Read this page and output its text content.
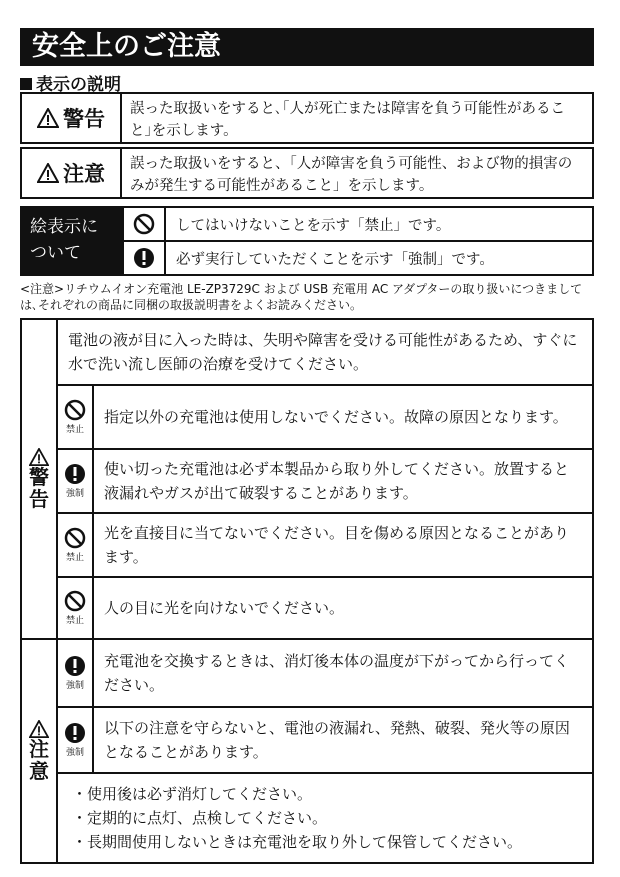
安全上のご注意
表示の説明
警告	誤った取扱いをすると､｢人が死亡または障害を負う可能性があること｣を示します。
注意	誤った取扱いをすると、「人が障害を負う可能性、および物的損害のみが発生する可能性があること」を示します。
絵表示に
ついて
してはいけないことを示す「禁止」です。
必ず実行していただくことを示す「強制」です。
<注意>リチウムイオン充電池 LE-ZP3729C および USB 充電用 AC アダプターの取り扱いにつきましては､それぞれの商品に同梱の取扱説明書をよくお読みください。
警
告
電池の液が目に入った時は、失明や障害を受ける可能性があるため、すぐに水で洗い流し医師の治療を受けてください。
禁止
指定以外の充電池は使用しないでください。故障の原因となります。
強制
使い切った充電池は必ず本製品から取り外してください。放置すると液漏れやガスが出て破裂することがあります。
禁止
光を直接目に当てないでください。目を傷める原因となることがあります。
禁止
人の目に光を向けないでください。
注
意
強制
充電池を交換するときは、消灯後本体の温度が下がってから行ってください。
強制
以下の注意を守らないと、電池の液漏れ、発熱、破裂、発火等の原因となることがあります。
・使用後は必ず消灯してください。
・定期的に点灯、点検してください。
・長期間使用しないときは充電池を取り外して保管してください。
